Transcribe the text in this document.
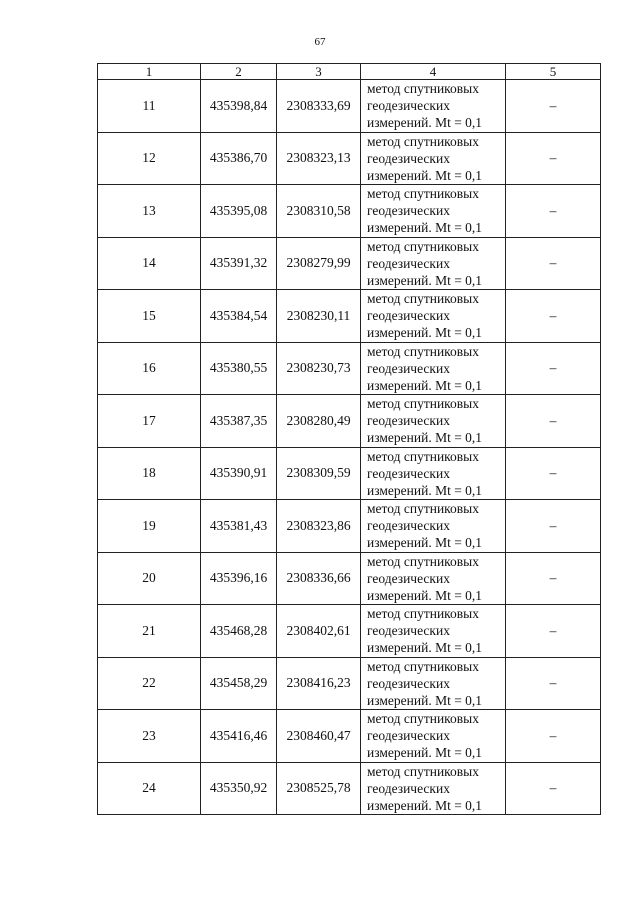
67
1	2	3	4	5
11	435398,84	2308333,69	метод спутниковых
геодезических
измерений. Mt = 0,1	–
12	435386,70	2308323,13	метод спутниковых
геодезических
измерений. Mt = 0,1	–
13	435395,08	2308310,58	метод спутниковых
геодезических
измерений. Mt = 0,1	–
14	435391,32	2308279,99	метод спутниковых
геодезических
измерений. Mt = 0,1	–
15	435384,54	2308230,11	метод спутниковых
геодезических
измерений. Mt = 0,1	–
16	435380,55	2308230,73	метод спутниковых
геодезических
измерений. Mt = 0,1	–
17	435387,35	2308280,49	метод спутниковых
геодезических
измерений. Mt = 0,1	–
18	435390,91	2308309,59	метод спутниковых
геодезических
измерений. Mt = 0,1	–
19	435381,43	2308323,86	метод спутниковых
геодезических
измерений. Mt = 0,1	–
20	435396,16	2308336,66	метод спутниковых
геодезических
измерений. Mt = 0,1	–
21	435468,28	2308402,61	метод спутниковых
геодезических
измерений. Mt = 0,1	–
22	435458,29	2308416,23	метод спутниковых
геодезических
измерений. Mt = 0,1	–
23	435416,46	2308460,47	метод спутниковых
геодезических
измерений. Mt = 0,1	–
24	435350,92	2308525,78	метод спутниковых
геодезических
измерений. Mt = 0,1	–
